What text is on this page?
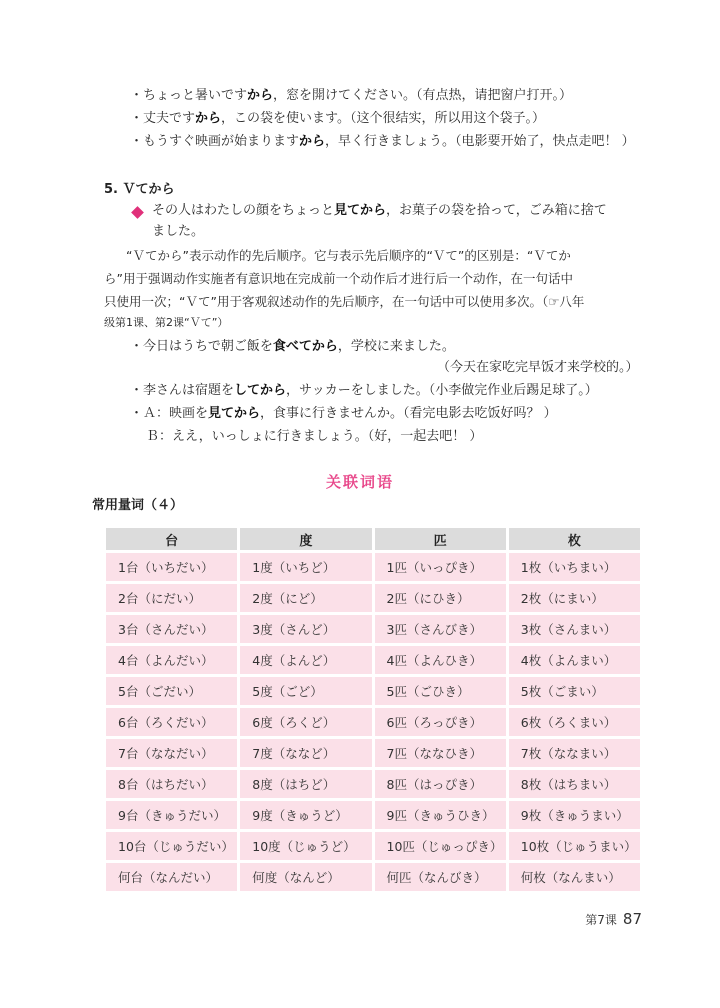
・ちょっと暑いですから，窓を開けてください。（有点热，请把窗户打开。）
・丈夫ですから，この袋を使います。（这个很结实，所以用这个袋子。）
・もうすぐ映画が始まりますから，早く行きましょう。（电影要开始了，快点走吧！ ）
5. Ｖてから
その人はわたしの顔をちょっと見てから，お菓子の袋を拾って，ごみ箱に捨て
ました。
“Ｖてから”表示动作的先后顺序。它与表示先后顺序的“Ｖて”的区别是：“Ｖてか
ら”用于强调动作实施者有意识地在完成前一个动作后才进行后一个动作，在一句话中
只使用一次；“Ｖて”用于客观叙述动作的先后顺序，在一句话中可以使用多次。（☞八年
级第1课、第2课“Ｖて”）
・今日はうちで朝ご飯を食べてから，学校に来ました。
（今天在家吃完早饭才来学校的。）
・李さんは宿題をしてから，サッカーをしました。（小李做完作业后踢足球了。）
・Ａ：映画を見てから，食事に行きませんか。（看完电影去吃饭好吗？ ）
Ｂ：ええ，いっしょに行きましょう。（好，一起去吧！ ）
关联词语
常用量词（４）
台	度	匹	枚
1台（いちだい）	1度（いちど）	1匹（いっぴき）	1枚（いちまい）
2台（にだい）	2度（にど）	2匹（にひき）	2枚（にまい）
3台（さんだい）	3度（さんど）	3匹（さんびき）	3枚（さんまい）
4台（よんだい）	4度（よんど）	4匹（よんひき）	4枚（よんまい）
5台（ごだい）	5度（ごど）	5匹（ごひき）	5枚（ごまい）
6台（ろくだい）	6度（ろくど）	6匹（ろっぴき）	6枚（ろくまい）
7台（ななだい）	7度（ななど）	7匹（ななひき）	7枚（ななまい）
8台（はちだい）	8度（はちど）	8匹（はっぴき）	8枚（はちまい）
9台（きゅうだい）	9度（きゅうど）	9匹（きゅうひき）	9枚（きゅうまい）
10台（じゅうだい）	10度（じゅうど）	10匹（じゅっぴき）	10枚（じゅうまい）
何台（なんだい）	何度（なんど）	何匹（なんびき）	何枚（なんまい）
第7课 87
